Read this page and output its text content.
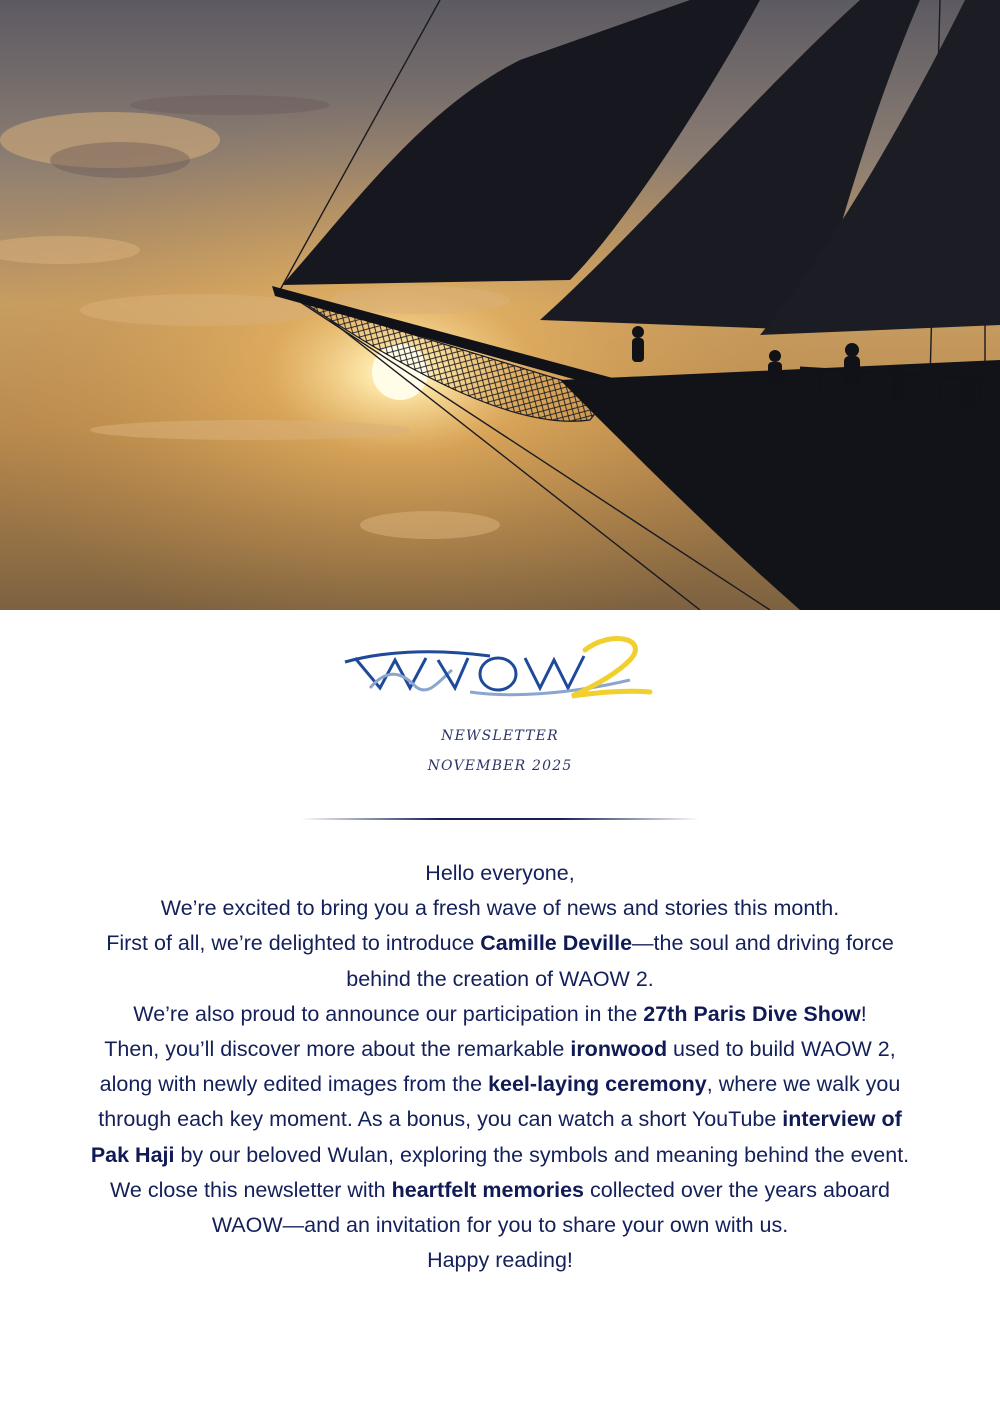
NEWSLETTER
NOVEMBER 2025

Hello everyone,

We’re excited to bring you a fresh wave of news and stories this month.

First of all, we’re delighted to introduce Camille Deville—the soul and driving force behind the creation of WAOW 2.

We’re also proud to announce our participation in the 27th Paris Dive Show!

Then, you’ll discover more about the remarkable ironwood used to build WAOW 2, along with newly edited images from the keel-laying ceremony, where we walk you through each key moment. As a bonus, you can watch a short YouTube interview of Pak Haji by our beloved Wulan, exploring the symbols and meaning behind the event.

We close this newsletter with heartfelt memories collected over the years aboard WAOW—and an invitation for you to share your own with us.

Happy reading!
